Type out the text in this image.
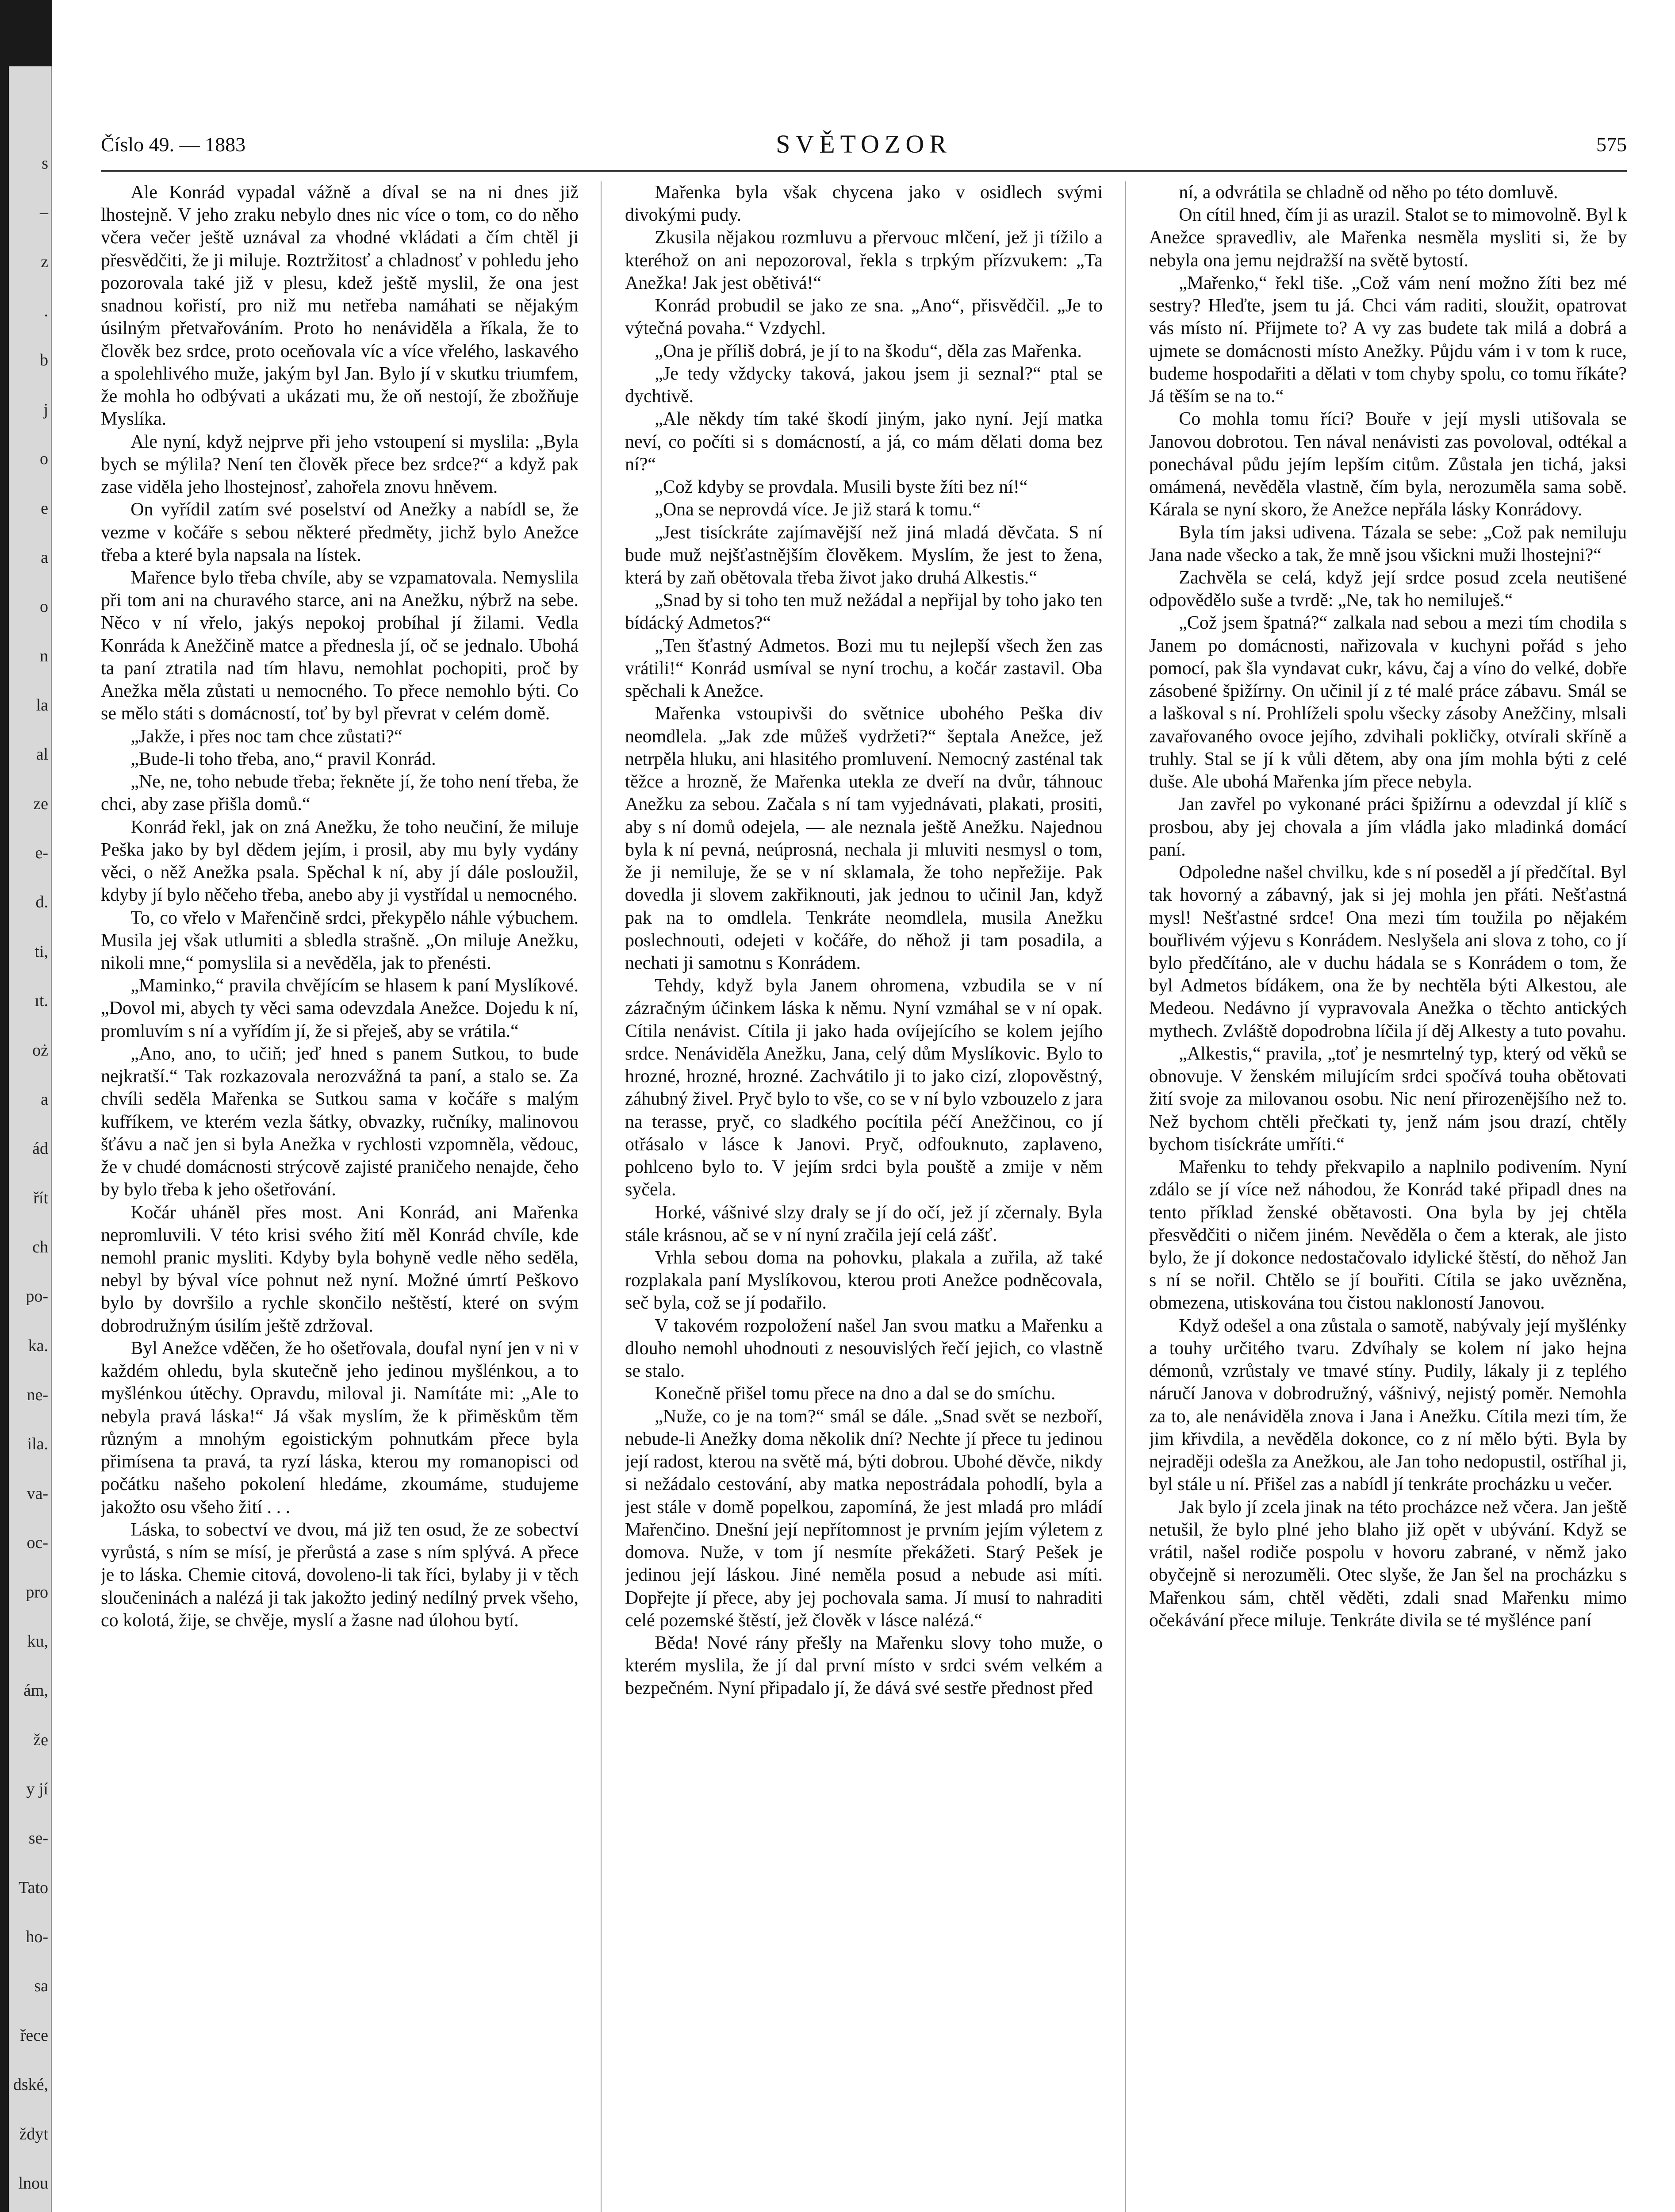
s
–
z
.
b
j
o
e
a
o
n
la
al
ze
e-
d.
ti,
ıt.
oż
a
ád
řít
ch
po-
ka.
ne-
ila.
va-
oc-
pro
ku,
ám,
že
y jí
se-
Tato
ho-
sa
řece
dské,
ždyt
lnou
Číslo 49. — 1883	SVĚTOZOR	575

Ale Konrád vypadal vážně a díval se na ni dnes již lhostejně. V jeho zraku nebylo dnes nic více o tom, co do něho včera večer ještě uznával za vhodné vkládati a čím chtěl ji přesvědčiti, že ji miluje. Roztržitosť a chladnosť v pohledu jeho pozorovala také již v plesu, kdež ještě myslil, že ona jest snadnou kořistí, pro niž mu netřeba namáhati se nějakým úsilným přetvařováním. Proto ho nenáviděla a říkala, že to člověk bez srdce, proto oceňovala víc a více vřelého, laskavého a spolehlivého muže, jakým byl Jan. Bylo jí v skutku triumfem, že mohla ho odbývati a ukázati mu, že oň nestojí, že zbožňuje Myslíka.

Ale nyní, když nejprve při jeho vstoupení si myslila: „Byla bych se mýlila? Není ten člověk přece bez srdce?“ a když pak zase viděla jeho lhostejnosť, zahořela znovu hněvem.

On vyřídil zatím své poselství od Anežky a nabídl se, že vezme v kočáře s sebou některé předměty, jichž bylo Anežce třeba a které byla napsala na lístek.

Mařence bylo třeba chvíle, aby se vzpamatovala. Nemyslila při tom ani na churavého starce, ani na Anežku, nýbrž na sebe. Něco v ní vřelo, jakýs nepokoj probíhal jí žilami. Vedla Konráda k Anežčině matce a přednesla jí, oč se jednalo. Ubohá ta paní ztratila nad tím hlavu, nemohlat pochopiti, proč by Anežka měla zůstati u nemocného. To přece nemohlo býti. Co se mělo státi s domácností, toť by byl převrat v celém domě.

„Jakže, i přes noc tam chce zůstati?“

„Bude-li toho třeba, ano,“ pravil Konrád.

„Ne, ne, toho nebude třeba; řekněte jí, že toho není třeba, že chci, aby zase přišla domů.“

Konrád řekl, jak on zná Anežku, že toho neučiní, že miluje Peška jako by byl dědem jejím, i prosil, aby mu byly vydány věci, o něž Anežka psala. Spěchal k ní, aby jí dále posloužil, kdyby jí bylo něčeho třeba, anebo aby ji vystřídal u nemocného.

To, co vřelo v Mařenčině srdci, překypělo náhle výbuchem. Musila jej však utlumiti a sbledla strašně. „On miluje Anežku, nikoli mne,“ pomyslila si a nevěděla, jak to přenésti.

„Maminko,“ pravila chvějícím se hlasem k paní Myslíkové. „Dovol mi, abych ty věci sama odevzdala Anežce. Dojedu k ní, promluvím s ní a vyřídím jí, že si přeješ, aby se vrátila.“

„Ano, ano, to učiň; jeď hned s panem Sutkou, to bude nejkratší.“ Tak rozkazovala nerozvážná ta paní, a stalo se. Za chvíli seděla Mařenka se Sutkou sama v kočáře s malým kufříkem, ve kterém vezla šátky, obvazky, ručníky, malinovou šťávu a nač jen si byla Anežka v rychlosti vzpomněla, vědouc, že v chudé domácnosti strýcově zajisté praničeho nenajde, čeho by bylo třeba k jeho ošetřování.

Kočár uháněl přes most. Ani Konrád, ani Mařenka nepromluvili. V této krisi svého žití měl Konrád chvíle, kde nemohl pranic mysliti. Kdyby byla bohyně vedle něho seděla, nebyl by býval více pohnut než nyní. Možné úmrtí Peškovo bylo by dovršilo a rychle skončilo neštěstí, které on svým dobrodružným úsilím ještě zdržoval.

Byl Anežce vděčen, že ho ošetřovala, doufal nyní jen v ni v každém ohledu, byla skutečně jeho jedinou myšlénkou, a to myšlénkou útěchy. Opravdu, miloval ji. Namítáte mi: „Ale to nebyla pravá láska!“ Já však myslím, že k přiměskům těm různým a mnohým egoistickým pohnutkám přece byla přimísena ta pravá, ta ryzí láska, kterou my romanopisci od počátku našeho pokolení hledáme, zkoumáme, studujeme jakožto osu všeho žití . . .

Láska, to sobectví ve dvou, má již ten osud, že ze sobectví vyrůstá, s ním se mísí, je přerůstá a zase s ním splývá. A přece je to láska. Chemie citová, dovoleno-li tak říci, bylaby ji v těch sloučeninách a nalézá ji tak jakožto jediný nedílný prvek všeho, co kolotá, žije, se chvěje, myslí a žasne nad úlohou bytí.

Mařenka byla však chycena jako v osidlech svými divokými pudy.

Zkusila nějakou rozmluvu a přervouc mlčení, jež ji tížilo a kteréhož on ani nepozoroval, řekla s trpkým přízvukem: „Ta Anežka! Jak jest obětivá!“

Konrád probudil se jako ze sna. „Ano“, přisvědčil. „Je to výtečná povaha.“ Vzdychl.

„Ona je příliš dobrá, je jí to na škodu“, děla zas Mařenka.

„Je tedy vždycky taková, jakou jsem ji seznal?“ ptal se dychtivě.

„Ale někdy tím také škodí jiným, jako nyní. Její matka neví, co počíti si s domácností, a já, co mám dělati doma bez ní?“

„Což kdyby se provdala. Musili byste žíti bez ní!“

„Ona se neprovdá více. Je již stará k tomu.“

„Jest tisíckráte zajímavější než jiná mladá děvčata. S ní bude muž nejšťastnějším člověkem. Myslím, že jest to žena, která by zaň obětovala třeba život jako druhá Alkestis.“

„Snad by si toho ten muž nežádal a nepřijal by toho jako ten bídácký Admetos?“

„Ten šťastný Admetos. Bozi mu tu nejlepší všech žen zas vrátili!“ Konrád usmíval se nyní trochu, a kočár zastavil. Oba spěchali k Anežce.

Mařenka vstoupivši do světnice ubohého Peška div neomdlela. „Jak zde můžeš vydržeti?“ šeptala Anežce, jež netrpěla hluku, ani hlasitého promluvení. Nemocný zasténal tak těžce a hrozně, že Mařenka utekla ze dveří na dvůr, táhnouc Anežku za sebou. Začala s ní tam vyjednávati, plakati, prositi, aby s ní domů odejela, — ale neznala ještě Anežku. Najednou byla k ní pevná, neúprosná, nechala ji mluviti nesmysl o tom, že ji nemiluje, že se v ní sklamala, že toho nepřežije. Pak dovedla ji slovem zakřiknouti, jak jednou to učinil Jan, když pak na to omdlela. Tenkráte neomdlela, musila Anežku poslechnouti, odejeti v kočáře, do něhož ji tam posadila, a nechati ji samotnu s Konrádem.

Tehdy, když byla Janem ohromena, vzbudila se v ní zázračným účinkem láska k němu. Nyní vzmáhal se v ní opak. Cítila nenávist. Cítila ji jako hada ovíjejícího se kolem jejího srdce. Nenáviděla Anežku, Jana, celý dům Myslíkovic. Bylo to hrozné, hrozné, hrozné. Zachvátilo ji to jako cizí, zlopověstný, záhubný živel. Pryč bylo to vše, co se v ní bylo vzbouzelo z jara na terasse, pryč, co sladkého pocítila péčí Anežčinou, co jí otřásalo v lásce k Janovi. Pryč, odfouknuto, zaplaveno, pohlceno bylo to. V jejím srdci byla pouště a zmije v něm syčela.

Horké, vášnivé slzy draly se jí do očí, jež jí zčernaly. Byla stále krásnou, ač se v ní nyní zračila její celá zášť.

Vrhla sebou doma na pohovku, plakala a zuřila, až také rozplakala paní Myslíkovou, kterou proti Anežce podněcovala, seč byla, což se jí podařilo.

V takovém rozpoložení našel Jan svou matku a Mařenku a dlouho nemohl uhodnouti z nesouvislých řečí jejich, co vlastně se stalo.

Konečně přišel tomu přece na dno a dal se do smíchu.

„Nuže, co je na tom?“ smál se dále. „Snad svět se nezboří, nebude-li Anežky doma několik dní? Nechte jí přece tu jedinou její radost, kterou na světě má, býti dobrou. Ubohé děvče, nikdy si nežádalo cestování, aby matka nepostrádala pohodlí, byla a jest stále v domě popelkou, zapomíná, že jest mladá pro mládí Mařenčino. Dnešní její nepřítomnost je prvním jejím výletem z domova. Nuže, v tom jí nesmíte překážeti. Starý Pešek je jedinou její láskou. Jiné neměla posud a nebude asi míti. Dopřejte jí přece, aby jej pochovala sama. Jí musí to nahraditi celé pozemské štěstí, jež člověk v lásce nalézá.“

Běda! Nové rány přešly na Mařenku slovy toho muže, o kterém myslila, že jí dal první místo v srdci svém velkém a bezpečném. Nyní připadalo jí, že dává své sestře přednost před

ní, a odvrátila se chladně od něho po této domluvě.

On cítil hned, čím ji as urazil. Stalot se to mimovolně. Byl k Anežce spravedliv, ale Mařenka nesměla mysliti si, že by nebyla ona jemu nejdražší na světě bytostí.

„Mařenko,“ řekl tiše. „Což vám není možno žíti bez mé sestry? Hleďte, jsem tu já. Chci vám raditi, sloužit, opatrovat vás místo ní. Přijmete to? A vy zas budete tak milá a dobrá a ujmete se domácnosti místo Anežky. Půjdu vám i v tom k ruce, budeme hospodařiti a dělati v tom chyby spolu, co tomu říkáte? Já těším se na to.“

Co mohla tomu říci? Bouře v její mysli utišovala se Janovou dobrotou. Ten nával nenávisti zas povoloval, odtékal a ponechával půdu jejím lepším citům. Zůstala jen tichá, jaksi omámená, nevěděla vlastně, čím byla, nerozuměla sama sobě. Kárala se nyní skoro, že Anežce nepřála lásky Konrádovy.

Byla tím jaksi udivena. Tázala se sebe: „Což pak nemiluju Jana nade všecko a tak, že mně jsou všickni muži lhostejni?“

Zachvěla se celá, když její srdce posud zcela neutišené odpovědělo suše a tvrdě: „Ne, tak ho nemiluješ.“

„Což jsem špatná?“ zalkala nad sebou a mezi tím chodila s Janem po domácnosti, nařizovala v kuchyni pořád s jeho pomocí, pak šla vyndavat cukr, kávu, čaj a víno do velké, dobře zásobené špižírny. On učinil jí z té malé práce zábavu. Smál se a laškoval s ní. Prohlíželi spolu všecky zásoby Anežčiny, mlsali zavařovaného ovoce jejího, zdvihali pokličky, otvírali skříně a truhly. Stal se jí k vůli dětem, aby ona jím mohla býti z celé duše. Ale ubohá Mařenka jím přece nebyla.

Jan zavřel po vykonané práci špižírnu a odevzdal jí klíč s prosbou, aby jej chovala a jím vládla jako mladinká domácí paní.

Odpoledne našel chvilku, kde s ní poseděl a jí předčítal. Byl tak hovorný a zábavný, jak si jej mohla jen přáti. Nešťastná mysl! Nešťastné srdce! Ona mezi tím toužila po nějakém bouřlivém výjevu s Konrádem. Neslyšela ani slova z toho, co jí bylo předčítáno, ale v duchu hádala se s Konrádem o tom, že byl Admetos bídákem, ona že by nechtěla býti Alkestou, ale Medeou. Nedávno jí vypravovala Anežka o těchto antických mythech. Zvláště dopodrobna líčila jí děj Alkesty a tuto povahu.

„Alkestis,“ pravila, „toť je nesmrtelný typ, který od věků se obnovuje. V ženském milujícím srdci spočívá touha obětovati žití svoje za milovanou osobu. Nic není přirozenějšího než to. Než bychom chtěli přečkati ty, jenž nám jsou drazí, chtěly bychom tisíckráte umříti.“

Mařenku to tehdy překvapilo a naplnilo podivením. Nyní zdálo se jí více než náhodou, že Konrád také připadl dnes na tento příklad ženské obětavosti. Ona byla by jej chtěla přesvědčiti o ničem jiném. Nevěděla o čem a kterak, ale jisto bylo, že jí dokonce nedostačovalo idylické štěstí, do něhož Jan s ní se nořil. Chtělo se jí bouřiti. Cítila se jako uvězněna, obmezena, utiskována tou čistou nakloností Janovou.

Když odešel a ona zůstala o samotě, nabývaly její myšlénky a touhy určitého tvaru. Zdvíhaly se kolem ní jako hejna démonů, vzrůstaly ve tmavé stíny. Pudily, lákaly ji z teplého náručí Janova v dobrodružný, vášnivý, nejistý poměr. Nemohla za to, ale nenáviděla znova i Jana i Anežku. Cítila mezi tím, že jim křivdila, a nevěděla dokonce, co z ní mělo býti. Byla by nejraději odešla za Anežkou, ale Jan toho nedopustil, ostříhal ji, byl stále u ní. Přišel zas a nabídl jí tenkráte procházku u večer.

Jak bylo jí zcela jinak na této procházce než včera. Jan ještě netušil, že bylo plné jeho blaho již opět v ubývání. Když se vrátil, našel rodiče pospolu v hovoru zabrané, v němž jako obyčejně si nerozuměli. Otec slyše, že Jan šel na procházku s Mařenkou sám, chtěl věděti, zdali snad Mařenku mimo očekávání přece miluje. Tenkráte divila se té myšlénce paní
